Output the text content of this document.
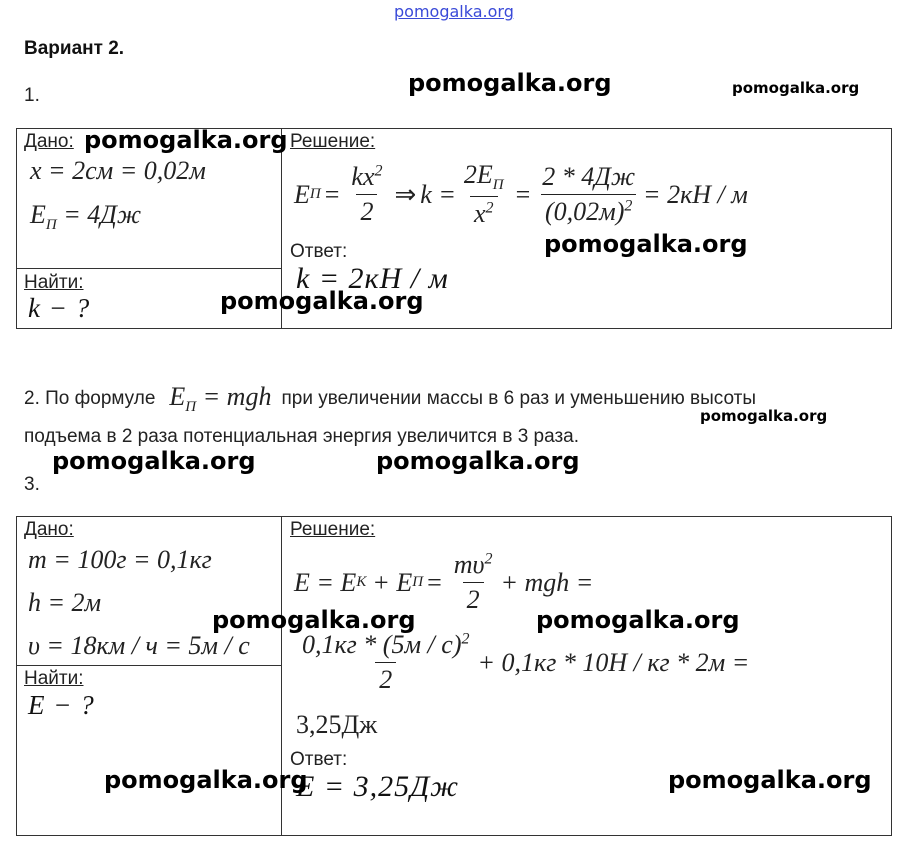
pomogalka.org
Вариант 2.
1.
Дано:
x = 2см = 0,02м
$E_П = 4Дж$
Найти:
k − ?
Решение:
E $П = \frac{kx^2}{2}$ ⇒ $k = \frac{2E_П}{x^2} = \frac{2 * 4Дж}{(0,02м)^2} = 2кН / м$
Ответ:
k = 2кН / м
2. По формуле $E_П$ = mgh при увеличении массы в 6 раз и уменьшению высоты
подъема в 2 раза потенциальная энергия увеличится в 3 раза.
3.
Дано:
m = 100г = 0,1кг
h = 2м
υ = 18км / ч = 5м / с
Найти:
E − ?
Решение:
E = E К + E $П = \frac{m\upsilon^2}{2}$ + mgh =
$\frac{0,1кг * (5м / с)^2}{2} + 0,1кг * 10Н$ / кг * 2м =
3,25Дж
Ответ:
E = 3,25Дж
pomogalka.org	pomogalka.org
pomogalka.org
pomogalka.org
pomogalka.org
pomogalka.org
pomogalka.org	pomogalka.org
pomogalka.org	pomogalka.org
pomogalka.org	pomogalka.org
